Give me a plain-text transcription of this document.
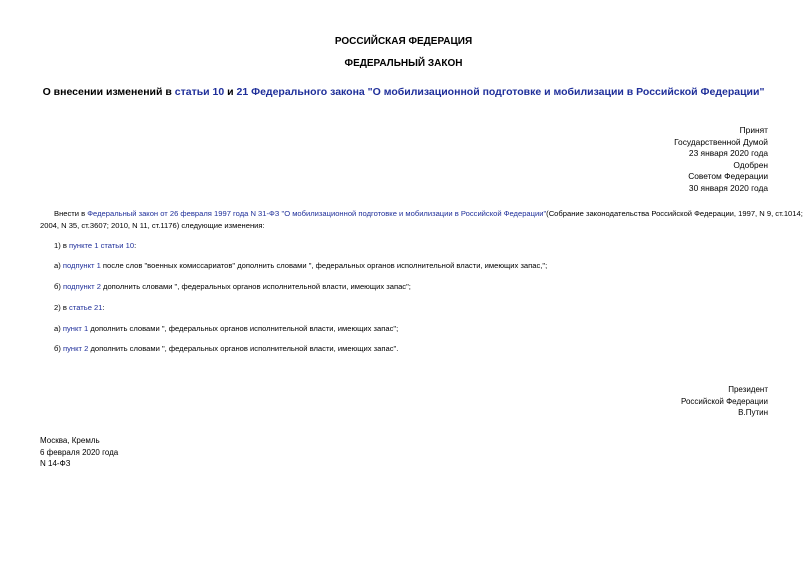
РОССИЙСКАЯ ФЕДЕРАЦИЯ
ФЕДЕРАЛЬНЫЙ ЗАКОН
О внесении изменений в статьи 10 и 21 Федерального закона "О мобилизационной подготовке и мобилизации в Российской Федерации"
Принят
Государственной Думой
23 января 2020 года
Одобрен
Советом Федерации
30 января 2020 года
Внести в Федеральный закон от 26 февраля 1997 года N 31-ФЗ "О мобилизационной подготовке и мобилизации в Российской Федерации"(Собрание законодательства Российской Федерации, 1997, N 9, ст.1014;
2004, N 35, ст.3607; 2010, N 11, ст.1176) следующие изменения:
1) в пункте 1 статьи 10:
а) подпункт 1 после слов "военных комиссариатов" дополнить словами ", федеральных органов исполнительной власти, имеющих запас,";
б) подпункт 2 дополнить словами ", федеральных органов исполнительной власти, имеющих запас";
2) в статье 21:
а) пункт 1 дополнить словами ", федеральных органов исполнительной власти, имеющих запас";
б) пункт 2 дополнить словами ", федеральных органов исполнительной власти, имеющих запас".
Президент
Российской Федерации
В.Путин
Москва, Кремль
6 февраля 2020 года
N 14-ФЗ
